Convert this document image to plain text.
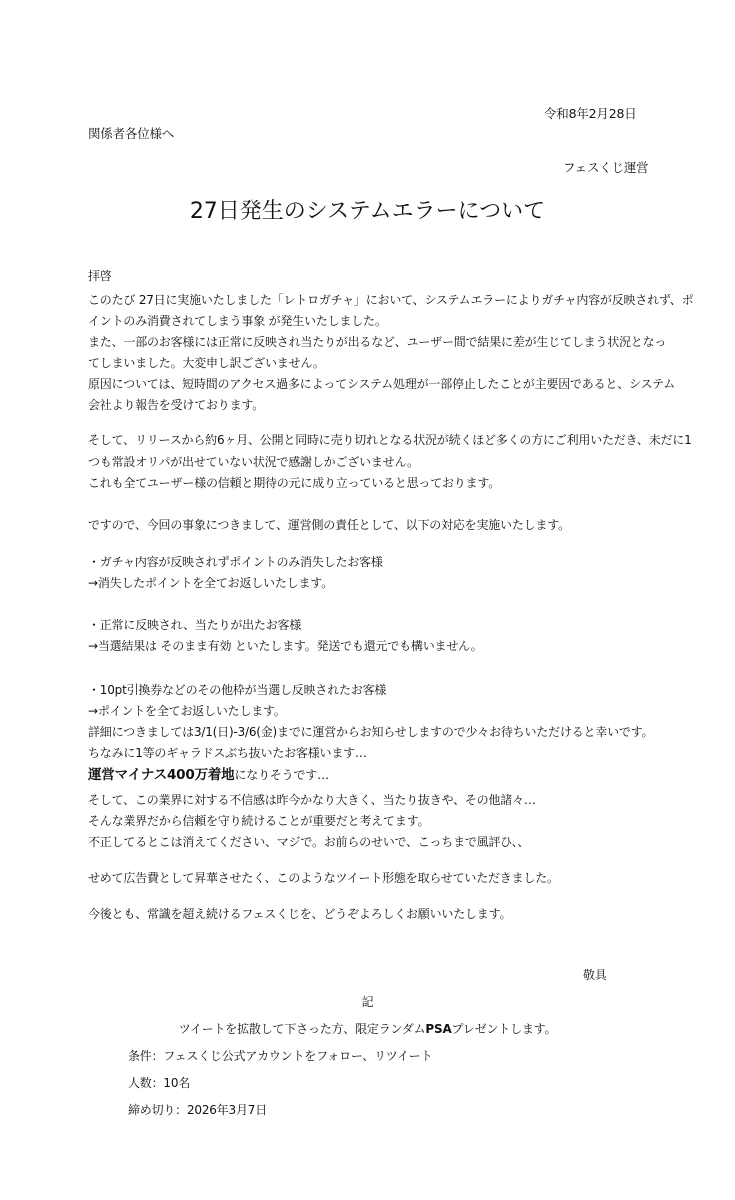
令和8年2月28日
関係者各位様へ
フェスくじ運営
27日発生のシステムエラーについて
拝啓
このたび 27日に実施いたしました「レトロガチャ」において、システムエラーによりガチャ内容が反映されず、ポ
イントのみ消費されてしまう事象 が発生いたしました。
また、一部のお客様には正常に反映され当たりが出るなど、ユーザー間で結果に差が生じてしまう状況となっ
てしまいました。大変申し訳ございません。
原因については、短時間のアクセス過多によってシステム処理が一部停止したことが主要因であると、システム
会社より報告を受けております。
そして、リリースから約6ヶ月、公開と同時に売り切れとなる状況が続くほど多くの方にご利用いただき、未だに1
つも常設オリパが出せていない状況で感謝しかございません。
これも全てユーザー様の信頼と期待の元に成り立っていると思っております。
ですので、今回の事象につきまして、運営側の責任として、以下の対応を実施いたします。
・ガチャ内容が反映されずポイントのみ消失したお客様
→消失したポイントを全てお返しいたします。
・正常に反映され、当たりが出たお客様
→当選結果は そのまま有効 といたします。発送でも還元でも構いません。
・10pt引換券などのその他枠が当選し反映されたお客様
→ポイントを全てお返しいたします。
詳細につきましては3/1(日)-3/6(金)までに運営からお知らせしますので少々お待ちいただけると幸いです。
ちなみに1等のギャラドスぶち抜いたお客様います…
運営マイナス400万着地になりそうです…
そして、この業界に対する不信感は昨今かなり大きく、当たり抜きや、その他諸々…
そんな業界だから信頼を守り続けることが重要だと考えてます。
不正してるとこは消えてください、マジで。お前らのせいで、こっちまで風評ひ、、
せめて広告費として昇華させたく、このようなツイート形態を取らせていただきました。
今後とも、常識を超え続けるフェスくじを、どうぞよろしくお願いいたします。
敬具
記
ツイートを拡散して下さった方、限定ランダムPSAプレゼントします。
条件：フェスくじ公式アカウントをフォロー、リツイート
人数：10名
締め切り：2026年3月7日
